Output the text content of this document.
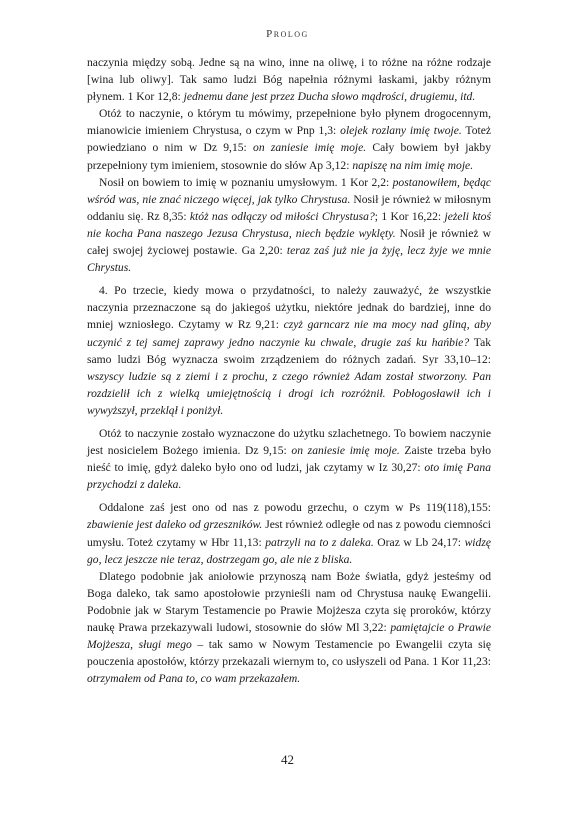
Prolog

naczynia między sobą. Jedne są na wino, inne na oliwę, i to różne na różne rodzaje [wina lub oliwy]. Tak samo ludzi Bóg napełnia różnymi łaskami, jakby różnym płynem. 1 Kor 12,8: jednemu dane jest przez Ducha słowo mądrości, drugiemu, itd.

Otóż to naczynie, o którym tu mówimy, przepełnione było płynem drogocennym, mianowicie imieniem Chrystusa, o czym w Pnp 1,3: olejek rozlany imię twoje. Toteż powiedziano o nim w Dz 9,15: on zaniesie imię moje. Cały bowiem był jakby przepełniony tym imieniem, stosownie do słów Ap 3,12: napiszę na nim imię moje.

Nosił on bowiem to imię w poznaniu umysłowym. 1 Kor 2,2: postanowiłem, będąc wśród was, nie znać niczego więcej, jak tylko Chrystusa. Nosił je również w miłosnym oddaniu się. Rz 8,35: któż nas odłączy od miłości Chrystusa?; 1 Kor 16,22: jeżeli ktoś nie kocha Pana naszego Jezusa Chrystusa, niech będzie wyklęty. Nosił je również w całej swojej życiowej postawie. Ga 2,20: teraz zaś już nie ja żyję, lecz żyje we mnie Chrystus.

4. Po trzecie, kiedy mowa o przydatności, to należy zauważyć, że wszystkie naczynia przeznaczone są do jakiegoś użytku, niektóre jednak do bardziej, inne do mniej wzniosłego. Czytamy w Rz 9,21: czyż garncarz nie ma mocy nad gliną, aby uczynić z tej samej zaprawy jedno naczynie ku chwale, drugie zaś ku hańbie? Tak samo ludzi Bóg wyznacza swoim zrządzeniem do różnych zadań. Syr 33,10–12: wszyscy ludzie są z ziemi i z prochu, z czego również Adam został stworzony. Pan rozdzielił ich z wielką umiejętnością i drogi ich rozróżnił. Pobłogosławił ich i wywyższył, przeklął i poniżył.

Otóż to naczynie zostało wyznaczone do użytku szlachetnego. To bowiem naczynie jest nosicielem Bożego imienia. Dz 9,15: on zaniesie imię moje. Zaiste trzeba było nieść to imię, gdyż daleko było ono od ludzi, jak czytamy w Iz 30,27: oto imię Pana przychodzi z daleka.

Oddalone zaś jest ono od nas z powodu grzechu, o czym w Ps 119(118),155: zbawienie jest daleko od grzeszników. Jest również odległe od nas z powodu ciemności umysłu. Toteż czytamy w Hbr 11,13: patrzyli na to z daleka. Oraz w Lb 24,17: widzę go, lecz jeszcze nie teraz, dostrzegam go, ale nie z bliska.

Dlatego podobnie jak aniołowie przynoszą nam Boże światła, gdyż jesteśmy od Boga daleko, tak samo apostołowie przynieśli nam od Chrystusa naukę Ewangelii. Podobnie jak w Starym Testamencie po Prawie Mojżesza czyta się proroków, którzy naukę Prawa przekazywali ludowi, stosownie do słów Ml 3,22: pamiętajcie o Prawie Mojżesza, sługi mego – tak samo w Nowym Testamencie po Ewangelii czyta się pouczenia apostołów, którzy przekazali wiernym to, co usłyszeli od Pana. 1 Kor 11,23: otrzymałem od Pana to, co wam przekazałem.

42
